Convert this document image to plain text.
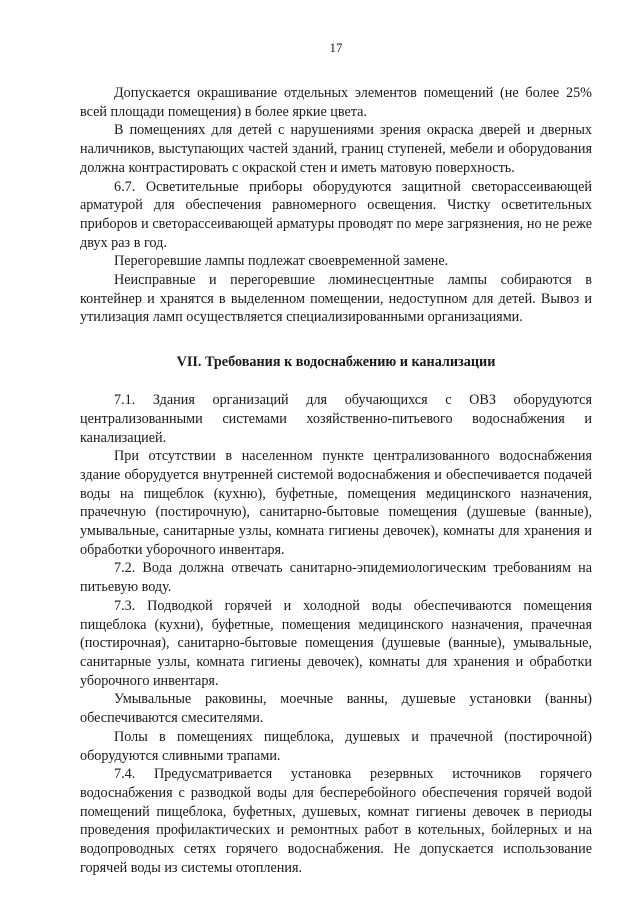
17

Допускается окрашивание отдельных элементов помещений (не более 25% всей площади помещения) в более яркие цвета.

В помещениях для детей с нарушениями зрения окраска дверей и дверных наличников, выступающих частей зданий, границ ступеней, мебели и оборудования должна контрастировать с окраской стен и иметь матовую поверхность.

6.7. Осветительные приборы оборудуются защитной светорассеивающей арматурой для обеспечения равномерного освещения. Чистку осветительных приборов и светорассеивающей арматуры проводят по мере загрязнения, но не реже двух раз в год.

Перегоревшие лампы подлежат своевременной замене.

Неисправные и перегоревшие люминесцентные лампы собираются в контейнер и хранятся в выделенном помещении, недоступном для детей. Вывоз и утилизация ламп осуществляется специализированными организациями.

VII. Требования к водоснабжению и канализации

7.1. Здания организаций для обучающихся с ОВЗ оборудуются централизованными системами хозяйственно-питьевого водоснабжения и канализацией.

При отсутствии в населенном пункте централизованного водоснабжения здание оборудуется внутренней системой водоснабжения и обеспечивается подачей воды на пищеблок (кухню), буфетные, помещения медицинского назначения, прачечную (постирочную), санитарно-бытовые помещения (душевые (ванные), умывальные, санитарные узлы, комната гигиены девочек), комнаты для хранения и обработки уборочного инвентаря.

7.2. Вода должна отвечать санитарно-эпидемиологическим требованиям на питьевую воду.

7.3. Подводкой горячей и холодной воды обеспечиваются помещения пищеблока (кухни), буфетные, помещения медицинского назначения, прачечная (постирочная), санитарно-бытовые помещения (душевые (ванные), умывальные, санитарные узлы, комната гигиены девочек), комнаты для хранения и обработки уборочного инвентаря.

Умывальные раковины, моечные ванны, душевые установки (ванны) обеспечиваются смесителями.

Полы в помещениях пищеблока, душевых и прачечной (постирочной) оборудуются сливными трапами.

7.4. Предусматривается установка резервных источников горячего водоснабжения с разводкой воды для бесперебойного обеспечения горячей водой помещений пищеблока, буфетных, душевых, комнат гигиены девочек в периоды проведения профилактических и ремонтных работ в котельных, бойлерных и на водопроводных сетях горячего водоснабжения. Не допускается использование горячей воды из системы отопления.
